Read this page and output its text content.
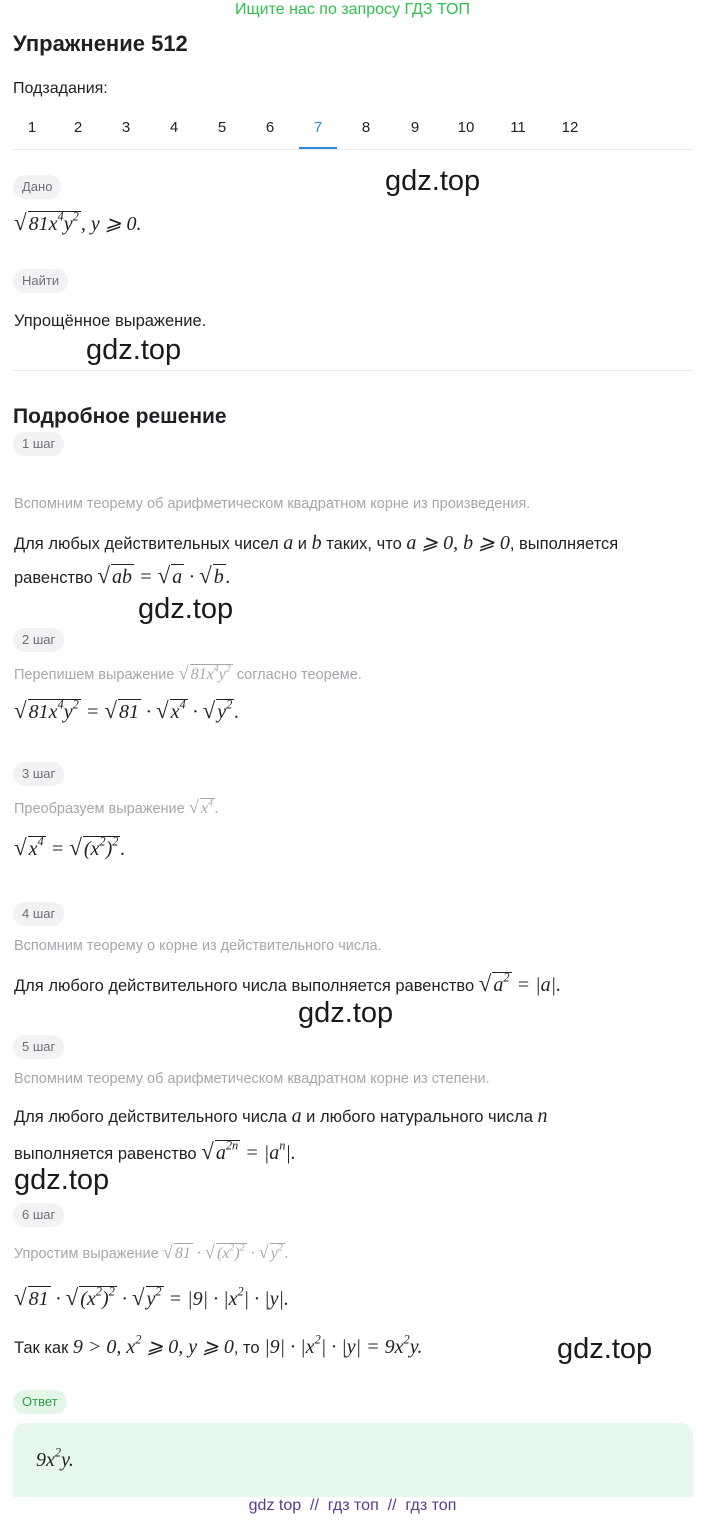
Ищите нас по запросу ГДЗ ТОП
Упражнение 512
Подзадания:
1	2	3	4	5	6	7	8	9	10	11	12
Дано
√ $81x^4y^2$ , y ⩾ 0.
Найти
Упрощённое выражение.
Подробное решение
1 шаг
Вспомним теорему об арифметическом квадратном корне из произведения.
Для любых действительных чисел a и b таких, что a ⩾ 0, b ⩾ 0, выполняется
равенство √ ab = √ a · √ b .
2 шаг
Перепишем выражение √ $81x^4y^2$ согласно теореме.
√ $81x^4y^2$ = √ 81 · √ $x^4$ · √ $y^2$ .
3 шаг
Преобразуем выражение √ $x^4$ .
√ $x^4$ = √ $(x^2)^2$ .
4 шаг
Вспомним теорему о корне из действительного числа.
Для любого действительного числа выполняется равенство √ $a^2 = |a|$.
5 шаг
Вспомним теорему об арифметическом квадратном корне из степени.
Для любого действительного числа a и любого натурального числа n
выполняется равенство √ $a^{2n} = |a^n|$.
6 шаг
Упростим выражение √ 81 · √ $(x^2)^2$ · √ $y^2$ .
√ 81 · √ $(x^2)^2$ · √ $y^2 = |9| \cdot |x^2| \cdot |y|$.
Так как 9 > 0, $x^2$ ⩾ 0, y ⩾ 0, то $|9| \cdot |x^2| \cdot |y| = 9x^2y$.
Ответ
$9x^2y$.
gdz.top
gdz.top
gdz.top
gdz.top
gdz.top
gdz.top
gdz top  //  гдз топ  //  гдз топ
